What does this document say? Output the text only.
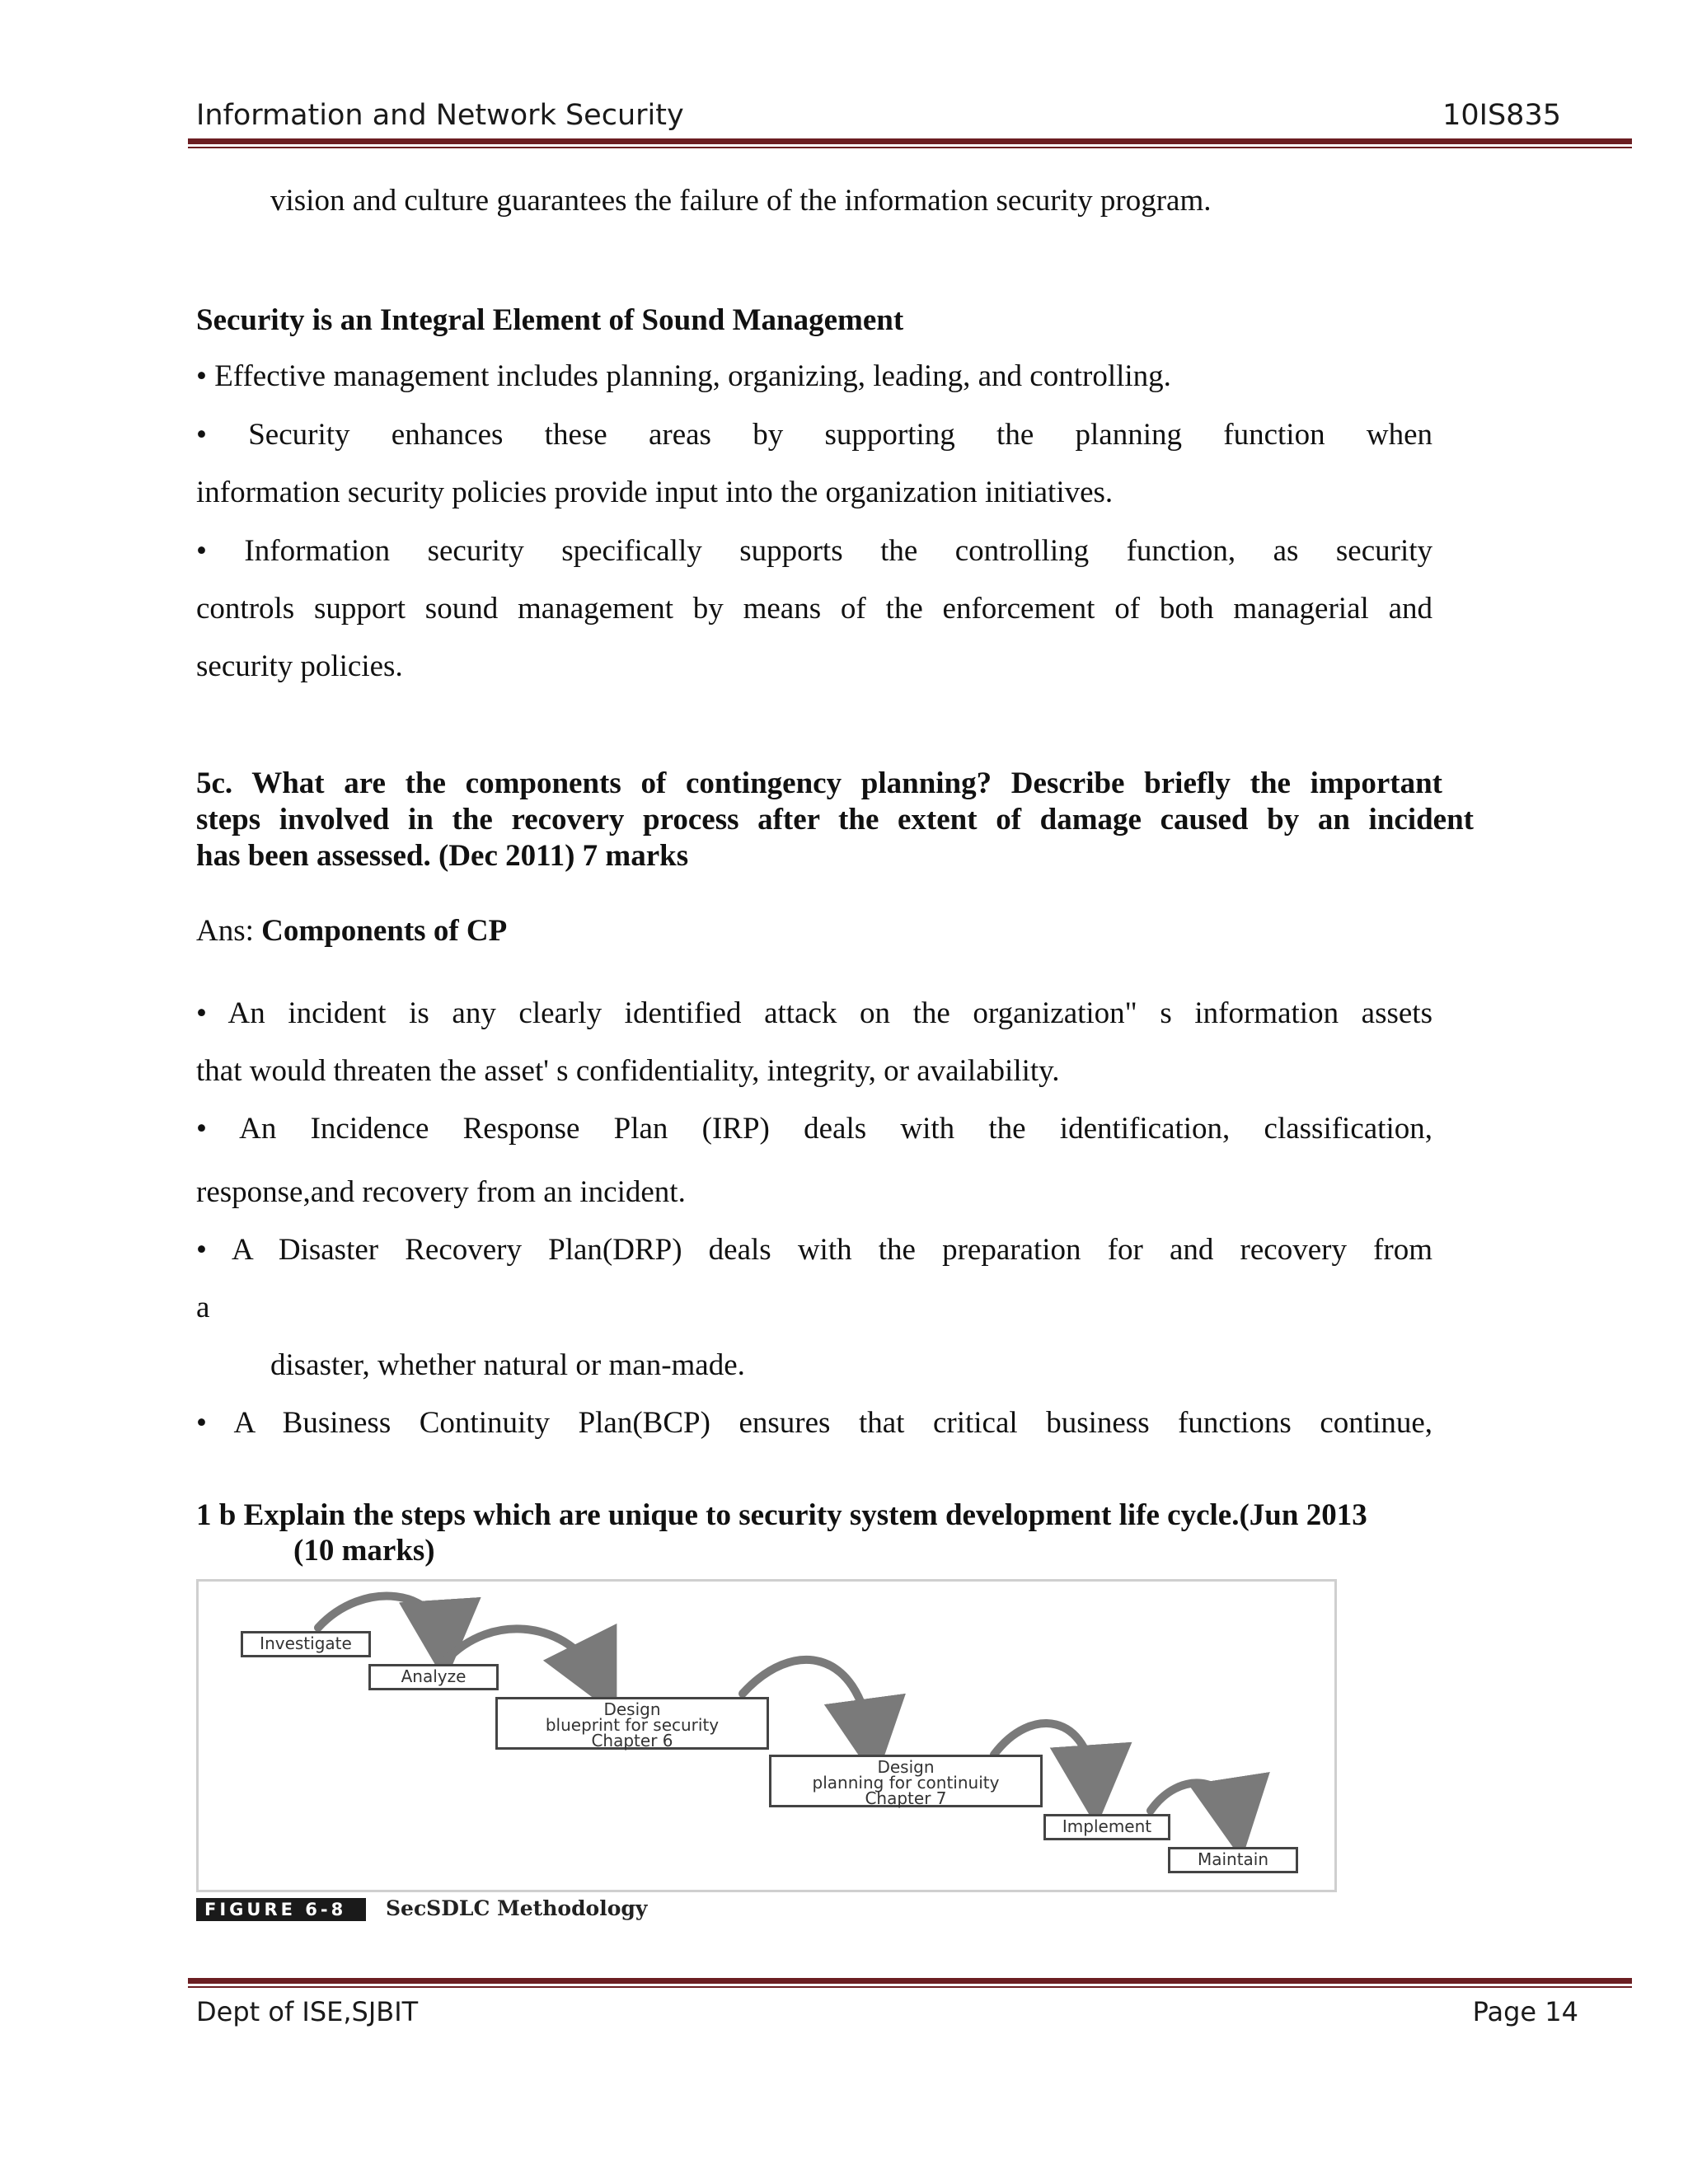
Information and Network Security	10IS835
vision and culture guarantees the failure of the information security program.
Security is an Integral Element of Sound Management
• Effective management includes planning, organizing, leading, and controlling.
• Security enhances these areas by supporting the planning function when
information security policies provide input into the organization initiatives.
• Information security specifically supports the controlling function, as security
controls support sound management by means of the enforcement of both managerial and
security policies.
5c. What are the components of contingency planning? Describe briefly the important
steps involved in the recovery process after the extent of damage caused by an incident
has been assessed. (Dec 2011) 7 marks
Ans: Components of CP
• An incident is any clearly identified attack on the organization" s information assets
that would threaten the asset' s confidentiality, integrity, or availability.
• An Incidence Response Plan (IRP) deals with the identification, classification,
response,and recovery from an incident.
• A Disaster Recovery Plan(DRP) deals with the preparation for and recovery from
a
disaster, whether natural or man-made.
• A Business Continuity Plan(BCP) ensures that critical business functions continue,
1 b Explain the steps which are unique to security system development life cycle.(Jun 2013
(10 marks)
Investigate
Analyze
Design
blueprint for security
Chapter 6
Design
planning for continuity
Chapter 7
Implement
Maintain
FIGURE 6-8	SecSDLC Methodology
Dept of ISE,SJBIT	Page 14
